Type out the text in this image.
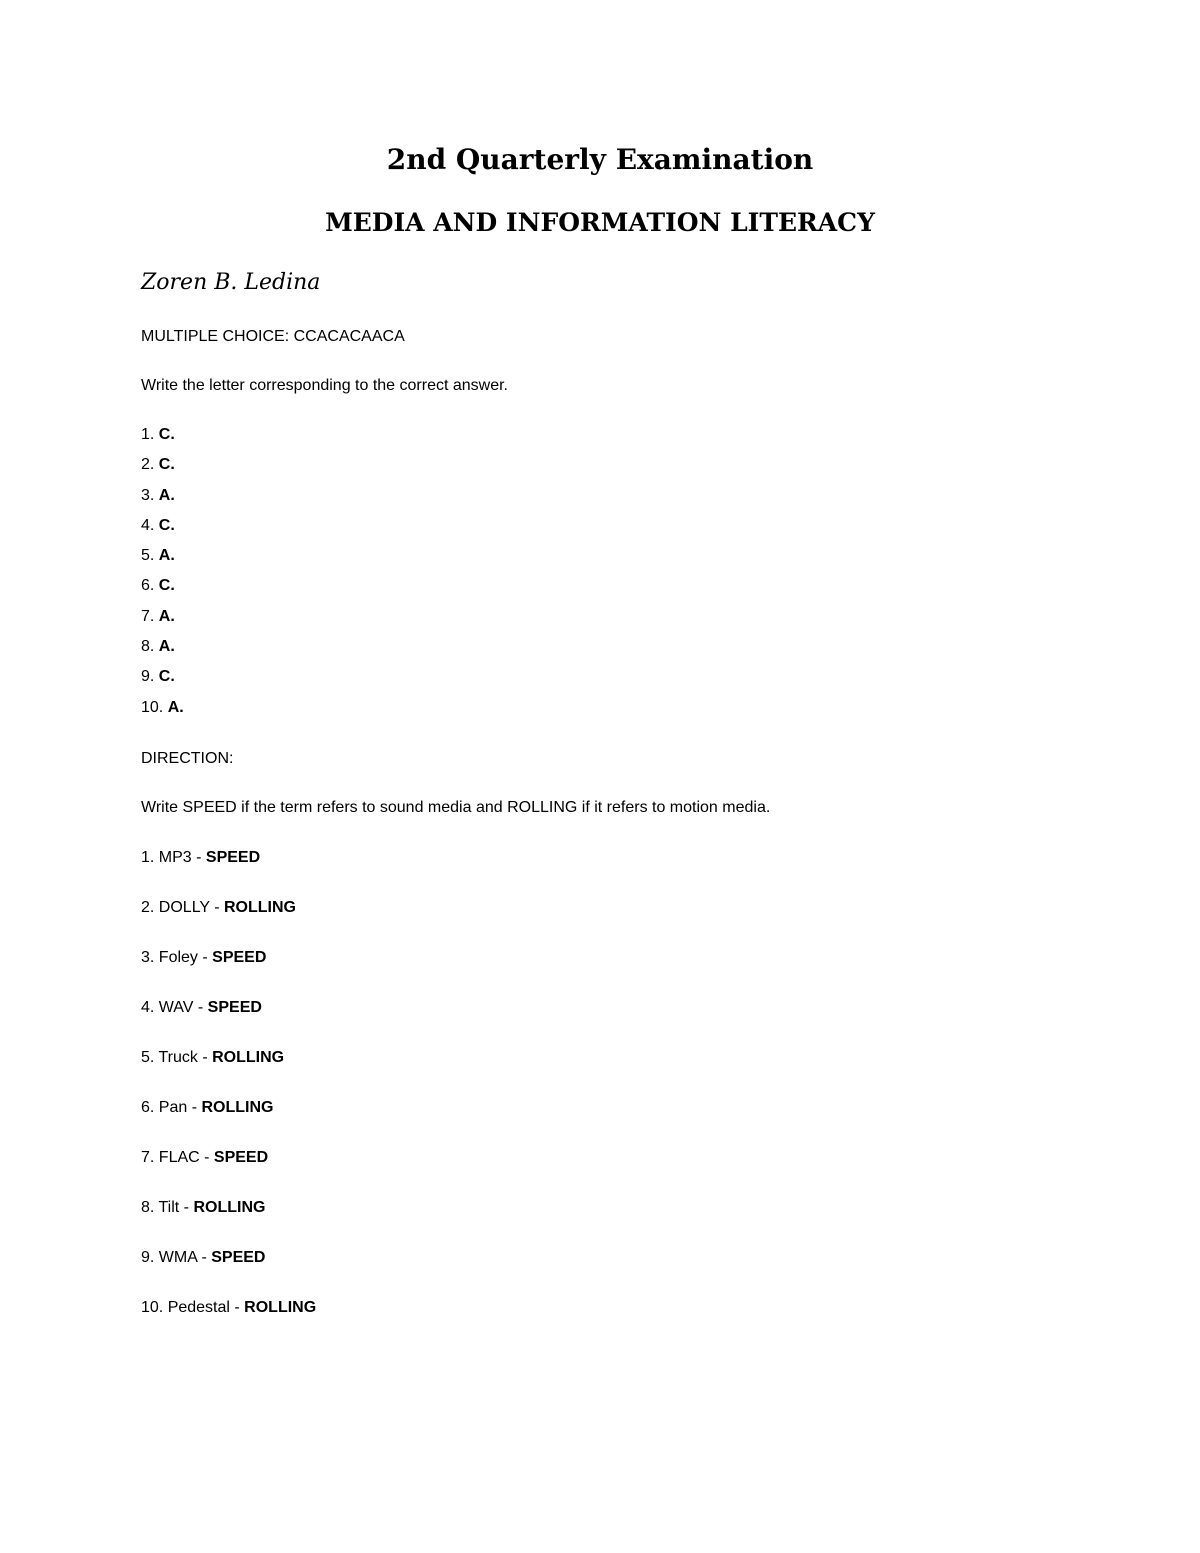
2nd Quarterly Examination
MEDIA AND INFORMATION LITERACY

Zoren B. Ledina

MULTIPLE CHOICE: CCACACAACA

Write the letter corresponding to the correct answer.

1. C.
2. C.
3. A.
4. C.
5. A.
6. C.
7. A.
8. A.
9. C.
10. A.

DIRECTION:

Write SPEED if the term refers to sound media and ROLLING if it refers to motion media.

1. MP3 - SPEED
2. DOLLY - ROLLING
3. Foley - SPEED
4. WAV - SPEED
5. Truck - ROLLING
6. Pan - ROLLING
7. FLAC - SPEED
8. Tilt - ROLLING
9. WMA - SPEED
10. Pedestal - ROLLING
